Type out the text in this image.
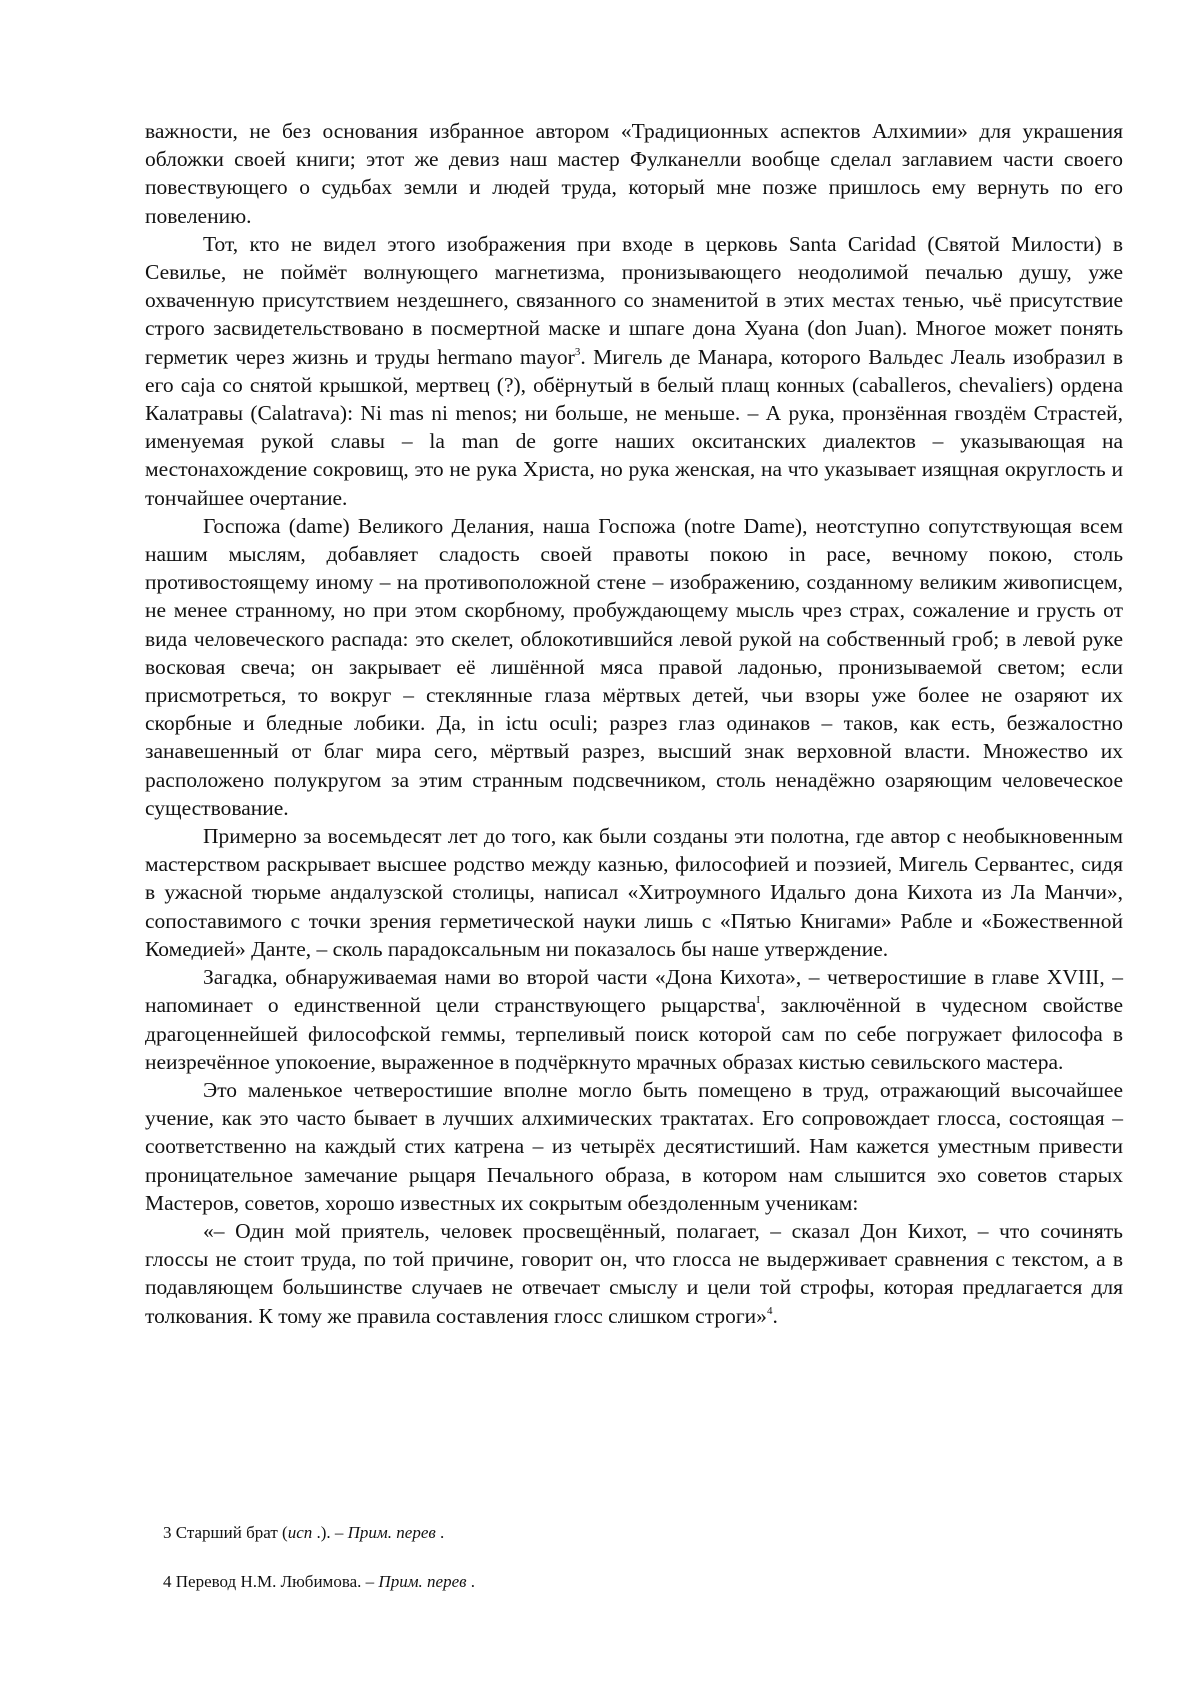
важности, не без основания избранное автором «Традиционных аспектов Алхимии» для украшения обложки своей книги; этот же девиз наш мастер Фулканелли вообще сделал заглавием части своего повествующего о судьбах земли и людей труда, который мне позже пришлось ему вернуть по его повелению.

Тот, кто не видел этого изображения при входе в церковь Santa Caridad (Святой Милости) в Севилье, не поймёт волнующего магнетизма, пронизывающего неодолимой печалью душу, уже охваченную присутствием нездешнего, связанного со знаменитой в этих местах тенью, чьё присутствие строго засвидетельствовано в посмертной маске и шпаге дона Хуана (don Juan). Многое может понять герметик через жизнь и труды hermano mayor$^3$. Мигель де Манара, которого Вальдес Леаль изобразил в его caja со снятой крышкой, мертвец (?), обёрнутый в белый плащ конных (caballeros, chevaliers) ордена Калатравы (Calatrava): Ni mas ni menos; ни больше, не меньше. – А рука, пронзённая гвоздём Страстей, именуемая рукой славы – la man de gorre наших окситанских диалектов – указывающая на местонахождение сокровищ, это не рука Христа, но рука женская, на что указывает изящная округлость и тончайшее очертание.

Госпожа (dame) Великого Делания, наша Госпожа (notre Dame), неотступно сопутствующая всем нашим мыслям, добавляет сладость своей правоты покою in pace, вечному покою, столь противостоящему иному – на противоположной стене – изображению, созданному великим живописцем, не менее странному, но при этом скорбному, пробуждающему мысль чрез страх, сожаление и грусть от вида человеческого распада: это скелет, облокотившийся левой рукой на собственный гроб; в левой руке восковая свеча; он закрывает её лишённой мяса правой ладонью, пронизываемой светом; если присмотреться, то вокруг – стеклянные глаза мёртвых детей, чьи взоры уже более не озаряют их скорбные и бледные лобики. Да, in ictu oculi; разрез глаз одинаков – таков, как есть, безжалостно занавешенный от благ мира сего, мёртвый разрез, высший знак верховной власти. Множество их расположено полукругом за этим странным подсвечником, столь ненадёжно озаряющим человеческое существование.

Примерно за восемьдесят лет до того, как были созданы эти полотна, где автор с необыкновенным мастерством раскрывает высшее родство между казнью, философией и поэзией, Мигель Сервантес, сидя в ужасной тюрьме андалузской столицы, написал «Хитроумного Идальго дона Кихота из Ла Манчи», сопоставимого с точки зрения герметической науки лишь с «Пятью Книгами» Рабле и «Божественной Комедией» Данте, – сколь парадоксальным ни показалось бы наше утверждение.

Загадка, обнаруживаемая нами во второй части «Дона Кихота», – четверостишие в главе XVIII, – напоминает о единственной цели странствующего рыцарства$^I$, заключённой в чудесном свойстве драгоценнейшей философской геммы, терпеливый поиск которой сам по себе погружает философа в неизречённое упокоение, выраженное в подчёркнуто мрачных образах кистью севильского мастера.

Это маленькое четверостишие вполне могло быть помещено в труд, отражающий высочайшее учение, как это часто бывает в лучших алхимических трактатах. Его сопровождает глосса, состоящая – соответственно на каждый стих катрена – из четырёх десятистиший. Нам кажется уместным привести проницательное замечание рыцаря Печального образа, в котором нам слышится эхо советов старых Мастеров, советов, хорошо известных их сокрытым обездоленным ученикам:

«– Один мой приятель, человек просвещённый, полагает, – сказал Дон Кихот, – что сочинять глоссы не стоит труда, по той причине, говорит он, что глосса не выдерживает сравнения с текстом, а в подавляющем большинстве случаев не отвечает смыслу и цели той строфы, которая предлагается для толкования. К тому же правила составления глосс слишком строги»$^4$.

3 Старший брат (исп .). – Прим. перев .
4 Перевод Н.М. Любимова. – Прим. перев .
